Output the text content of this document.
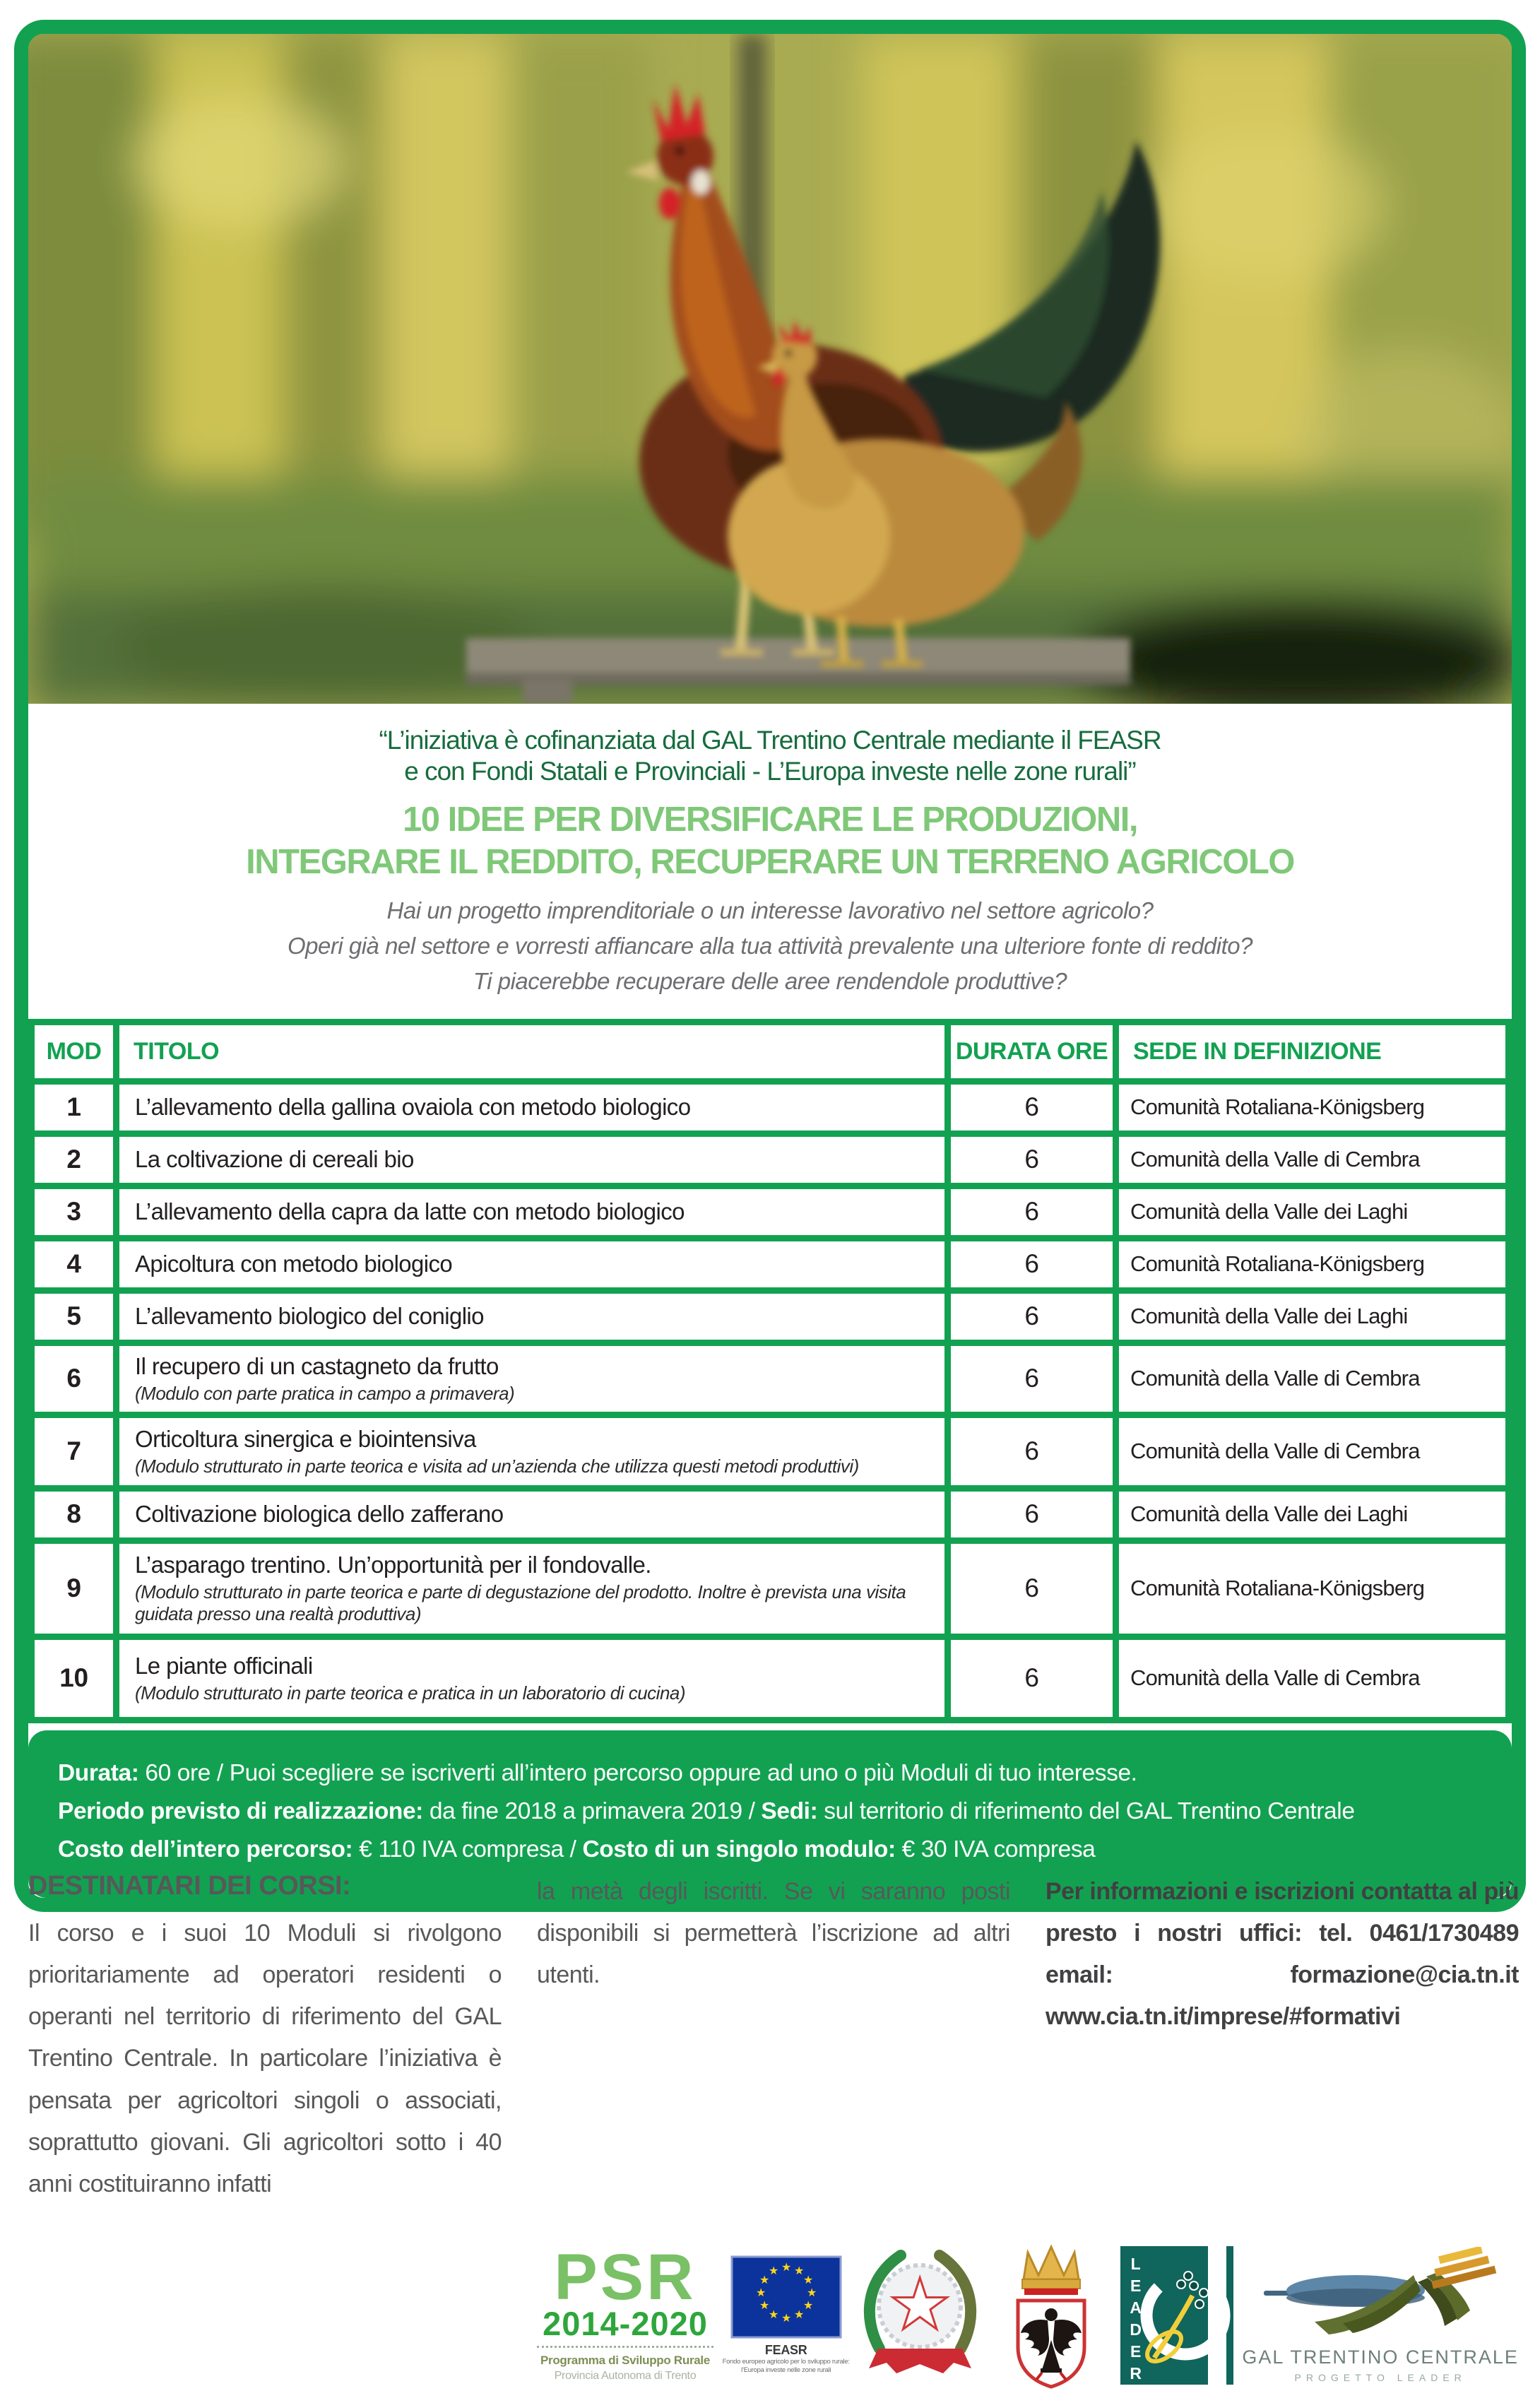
“L’iniziativa è cofinanziata dal GAL Trentino Centrale mediante il FEASR
e con Fondi Statali e Provinciali - L’Europa investe nelle zone rurali”

10 IDEE PER DIVERSIFICARE LE PRODUZIONI,
INTEGRARE IL REDDITO, RECUPERARE UN TERRENO AGRICOLO

Hai un progetto imprenditoriale o un interesse lavorativo nel settore agricolo?

Operi già nel settore e vorresti affiancare alla tua attività prevalente una ulteriore fonte di reddito?

Ti piacerebbe recuperare delle aree rendendole produttive?

MOD	TITOLO	DURATA ORE	SEDE IN DEFINIZIONE
1	L’allevamento della gallina ovaiola con metodo biologico	6	Comunità Rotaliana-Königsberg
2	La coltivazione di cereali bio	6	Comunità della Valle di Cembra
3	L’allevamento della capra da latte con metodo biologico	6	Comunità della Valle dei Laghi
4	Apicoltura con metodo biologico	6	Comunità Rotaliana-Königsberg
5	L’allevamento biologico del coniglio	6	Comunità della Valle dei Laghi
6	Il recupero di un castagneto da frutto
(Modulo con parte pratica in campo a primavera)	6	Comunità della Valle di Cembra
7	Orticoltura sinergica e biointensiva
(Modulo strutturato in parte teorica e visita ad un’azienda che utilizza questi metodi produttivi)	6	Comunità della Valle di Cembra
8	Coltivazione biologica dello zafferano	6	Comunità della Valle dei Laghi
9	L’asparago trentino. Un’opportunità per il fondovalle.
(Modulo strutturato in parte teorica e parte di degustazione del prodotto. Inoltre è prevista una visita guidata presso una realtà produttiva)	6	Comunità Rotaliana-Königsberg
10	Le piante officinali
(Modulo strutturato in parte teorica e pratica in un laboratorio di cucina)	6	Comunità della Valle di Cembra
Durata: 60 ore / Puoi scegliere se iscriverti all’intero percorso oppure ad uno o più Moduli di tuo interesse.
Periodo previsto di realizzazione: da fine 2018 a primavera 2019 / Sedi: sul territorio di riferimento del GAL Trentino Centrale
Costo dell’intero percorso: € 110 IVA compresa / Costo di un singolo modulo: € 30 IVA compresa
DESTINATARI DEI CORSI:

Il corso e i suoi 10 Moduli si rivolgono prioritariamente ad operatori residenti o operanti nel territorio di riferimento del GAL Trentino Centrale. In particolare l’iniziativa è pensata per agricoltori singoli o associati, soprattutto giovani. Gli agricoltori sotto i 40 anni costituiranno infatti

la metà degli iscritti. Se vi saranno posti disponibili si permetterà l’iscrizione ad altri utenti.

Per informazioni e iscrizioni contatta al più presto i nostri uffici: tel. 0461/1730489 email: formazione@cia.tn.it www.cia.tn.it/imprese/#formativi

PSR
2014-2020
Programma di Sviluppo Rurale
Provincia Autonoma di Trento
★ ★
★
★
★
★
★
★
★
★
★
★
FEASR
Fondo europeo agricolo per lo sviluppo rurale:
l’Europa investe nelle zone rurali
★	LEADER	GAL TRENTINO CENTRALE
PROGETTO LEADER
